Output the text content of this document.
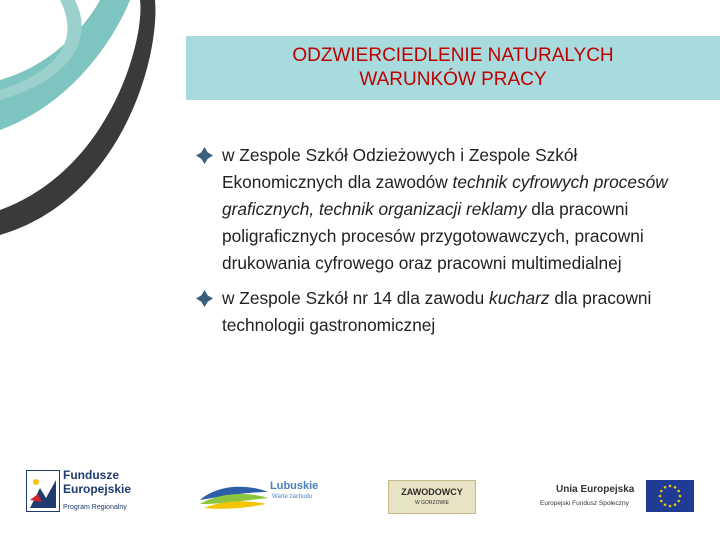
ODZWIERCIEDLENIE NATURALYCH
WARUNKÓW PRACY
w Zespole Szkół Odzieżowych i Zespole Szkół Ekonomicznych dla zawodów technik cyfrowych procesów graficznych, technik organizacji reklamy dla pracowni poligraficznych procesów przygotowawczych, pracowni drukowania cyfrowego oraz pracowni multimedialnej
w Zespole Szkół nr 14 dla zawodu kucharz dla pracowni technologii gastronomicznej
Fundusze
Europejskie
Program Regionalny
Lubuskie
Warte zachodu	ZAWODOWCY
W GORZOWIE
Unia Europejska
Europejski Fundusz Społeczny
